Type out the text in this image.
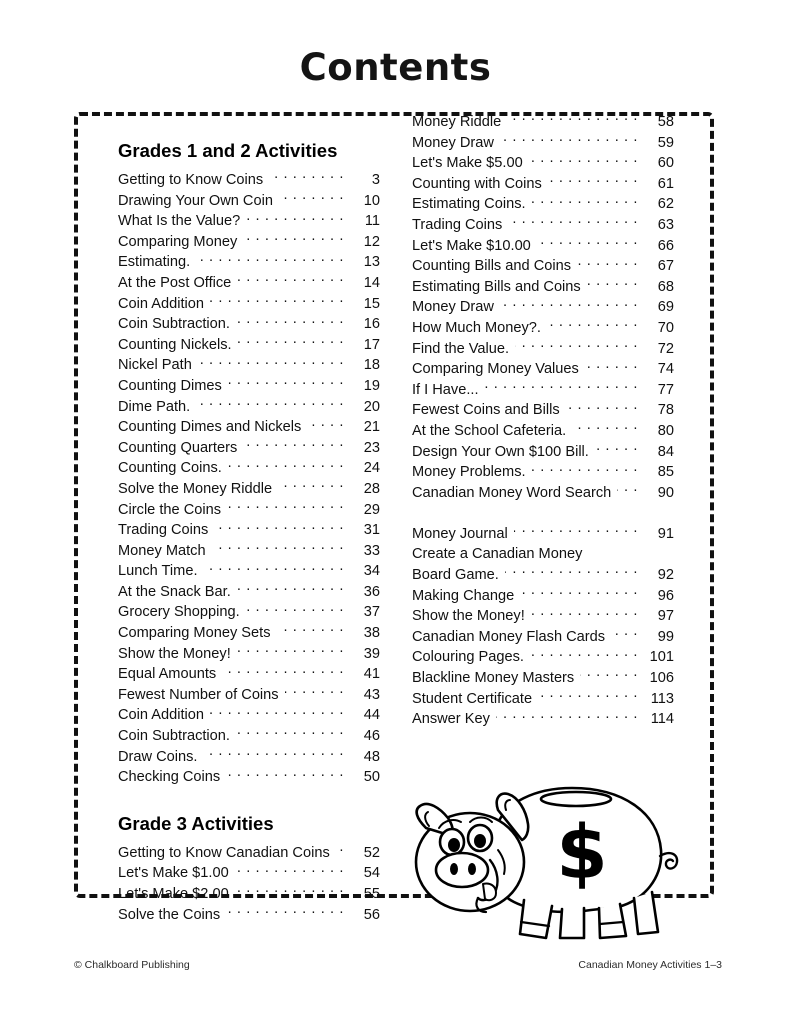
Contents
Grades 1 and 2 Activities
Getting to Know Coins . . .	3
Drawing Your Own Coin . . .	10
What Is the Value? . . .	11
Comparing Money . . .	12
Estimating. . . .	13
At the Post Office . . .	14
Coin Addition . . .	15
Coin Subtraction. . . .	16
Counting Nickels. . . .	17
Nickel Path . . .	18
Counting Dimes . . .	19
Dime Path. . . .	20
Counting Dimes and Nickels . . .	21
Counting Quarters . . .	23
Counting Coins. . . .	24
Solve the Money Riddle . . .	28
Circle the Coins . . .	29
Trading Coins . . .	31
Money Match . . .	33
Lunch Time. . . .	34
At the Snack Bar. . . .	36
Grocery Shopping. . . .	37
Comparing Money Sets . . .	38
Show the Money! . . .	39
Equal Amounts . . .	41
Fewest Number of Coins . . .	43
Coin Addition . . .	44
Coin Subtraction. . . .	46
Draw Coins. . . .	48
Checking Coins . . .	50
Grade 3 Activities
Getting to Know Canadian Coins . . .	52
Let's Make $1.00 . . .	54
Let's Make $2.00 . . .	55
Solve the Coins . . .	56
Money Riddle . . .	58
Money Draw . . .	59
Let's Make $5.00 . . .	60
Counting with Coins . . .	61
Estimating Coins. . . .	62
Trading Coins . . .	63
Let's Make $10.00 . . .	66
Counting Bills and Coins . . .	67
Estimating Bills and Coins . . .	68
Money Draw . . .	69
How Much Money?. . . .	70
Find the Value. . . .	72
Comparing Money Values . . .	74
If I Have... . . .	77
Fewest Coins and Bills . . .	78
At the School Cafeteria. . . .	80
Design Your Own $100 Bill. . . .	84
Money Problems. . . .	85
Canadian Money Word Search . . .	90
Money Journal . . .	91
Create a Canadian Money
Board Game. . . .	92
Making Change . . .	96
Show the Money! . . .	97
Canadian Money Flash Cards . . .	99
Colouring Pages. . . .	101
Blackline Money Masters . . .	106
Student Certificate . . .	113
Answer Key . . .	114
$
© Chalkboard Publishing	Canadian Money Activities 1–3
